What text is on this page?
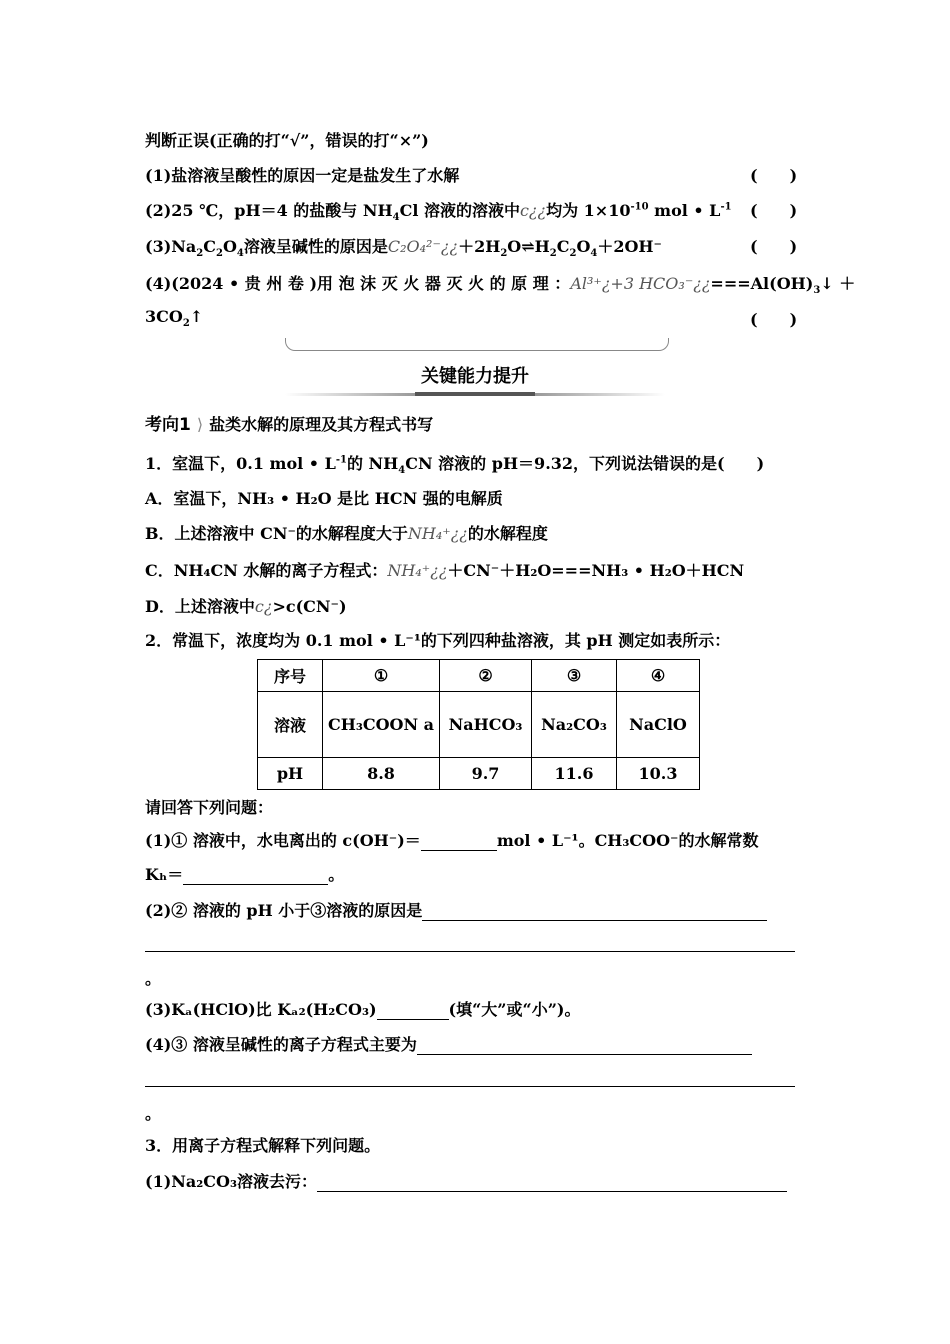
判断正误(正确的打“√”，错误的打“×”)
(1)盐溶液呈酸性的原因一定是盐发生了水解	(　　)
(2)25 ℃，pH＝4 的盐酸与 $NH_4Cl$ 溶液的溶液中c¿¿均为 $1\times 10^{-10}$ mol • $L^{-1}$ (　　)
$(3)Na_2C_2O_4$溶液呈碱性的原因是$C_2O_4^{2-}¿¿+2H_2O\rightleftharpoons H_2C_2O_4+2OH^-$	(　　)
(4)(2024 • 贵 州 卷 )用 泡 沫 灭 火 器 灭 火 的 原 理 ：Al³⁺¿+3 $HCO_3^-¿¿===Al(OH)_3↓$ ＋
$3CO_2↑$	(　　)
考向1 ⟩ 盐类水解的原理及其方程式书写
1．室温下，0.1 mol • $L^{-1}$的 $NH_4CN$ 溶液的 pH＝9.32，下列说法错误的是(　　)
A．室温下，NH₃ • H₂O 是比 HCN 强的电解质
B．上述溶液中 CN⁻的水解程度大于NH₄⁺¿¿的水解程度
C．NH₄CN 水解的离子方程式：NH₄⁺¿¿＋CN⁻＋H₂O===NH₃ • H₂O＋HCN
D．上述溶液中c¿>c(CN⁻)
2．常温下，浓度均为 0.1 mol • L⁻¹的下列四种盐溶液，其 pH 测定如表所示：
序号	①	②	③	④
溶液	CH₃COON a	NaHCO₃	Na₂CO₃	NaClO
pH	8.8	9.7	11.6	10.3
请回答下列问题：
(1)① 溶液中，水电离出的 c(OH⁻)＝	mol • L⁻¹。CH₃COO⁻的水解常数
Kₕ＝	。
(2)② 溶液的 pH 小于③溶液的原因是
。
(3)Kₐ(HClO)比 Kₐ₂(H₂CO₃)	(填“大”或“小”)。
(4)③ 溶液呈碱性的离子方程式主要为
。
3．用离子方程式解释下列问题。
(1)Na₂CO₃溶液去污：
关键能力提升
